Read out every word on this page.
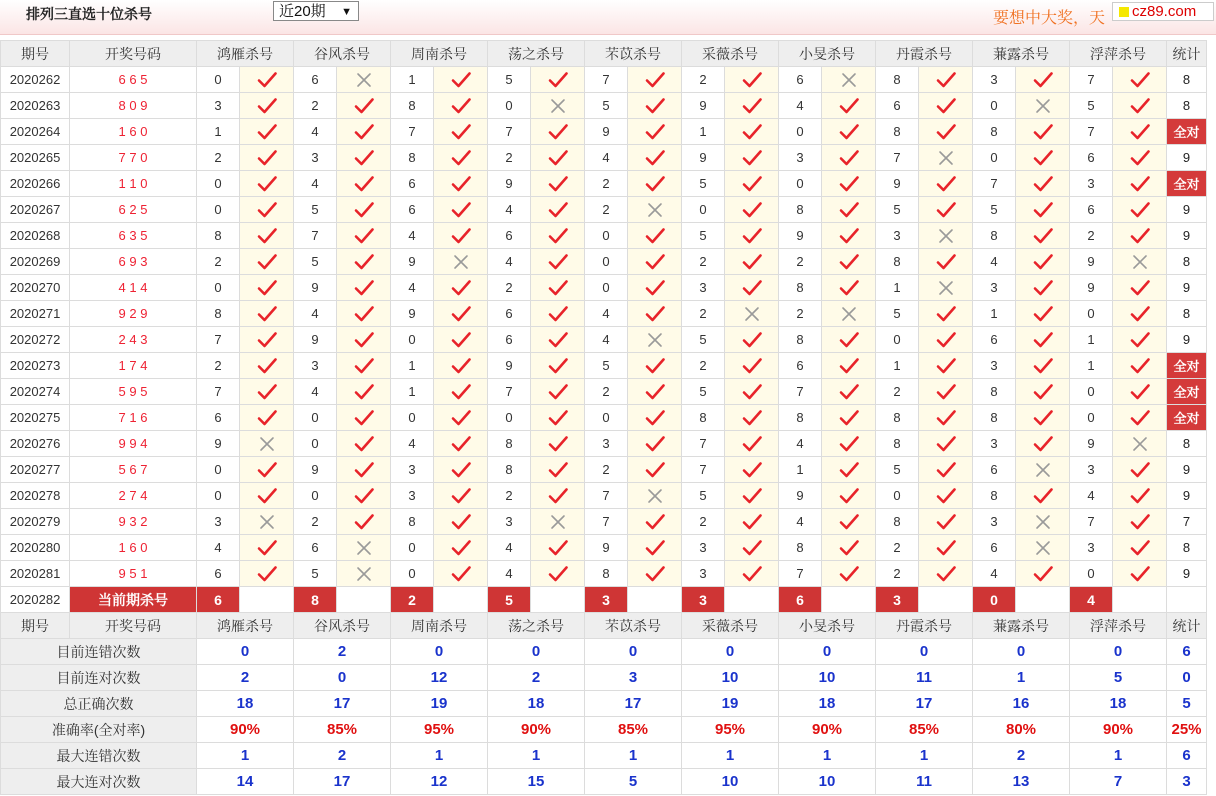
排列三直选十位杀号	近20期 ▼	要想中大奖，天	cz89.com
期号	开奖号码	鸿雁杀号		谷风杀号		周南杀号		荡之杀号		芣苡杀号		采薇杀号		小旻杀号		丹霞杀号		蒹露杀号		浮萍杀号		统计
2020262	6 6 5	0		6		1		5		7		2		6		8		3		7		8
2020263	8 0 9	3		2		8		0		5		9		4		6		0		5		8
2020264	1 6 0	1		4		7		7		9		1		0		8		8		7		全对
2020265	7 7 0	2		3		8		2		4		9		3		7		0		6		9
2020266	1 1 0	0		4		6		9		2		5		0		9		7		3		全对
2020267	6 2 5	0		5		6		4		2		0		8		5		5		6		9
2020268	6 3 5	8		7		4		6		0		5		9		3		8		2		9
2020269	6 9 3	2		5		9		4		0		2		2		8		4		9		8
2020270	4 1 4	0		9		4		2		0		3		8		1		3		9		9
2020271	9 2 9	8		4		9		6		4		2		2		5		1		0		8
2020272	2 4 3	7		9		0		6		4		5		8		0		6		1		9
2020273	1 7 4	2		3		1		9		5		2		6		1		3		1		全对
2020274	5 9 5	7		4		1		7		2		5		7		2		8		0		全对
2020275	7 1 6	6		0		0		0		0		8		8		8		8		0		全对
2020276	9 9 4	9		0		4		8		3		7		4		8		3		9		8
2020277	5 6 7	0		9		3		8		2		7		1		5		6		3		9
2020278	2 7 4	0		0		3		2		7		5		9		0		8		4		9
2020279	9 3 2	3		2		8		3		7		2		4		8		3		7		7
2020280	1 6 0	4		6		0		4		9		3		8		2		6		3		8
2020281	9 5 1	6		5		0		4		8		3		7		2		4		0		9
2020282	当前期杀号	6		8		2		5		3		3		6		3		0		4		
期号	开奖号码	鸿雁杀号		谷风杀号		周南杀号		荡之杀号		芣苡杀号		采薇杀号		小旻杀号		丹霞杀号		蒹露杀号		浮萍杀号		统计
目前连错次数		0		2		0		0		0		0		0		0		0		0		6
目前连对次数		2		0		12		2		3		10		10		11		1		5		0
总正确次数		18		17		19		18		17		19		18		17		16		18		5
准确率(全对率)		90%		85%		95%		90%		85%		95%		90%		85%		80%		90%		25%
最大连错次数		1		2		1		1		1		1		1		1		2		1		6
最大连对次数		14		17		12		15		5		10		10		11		13		7		3
